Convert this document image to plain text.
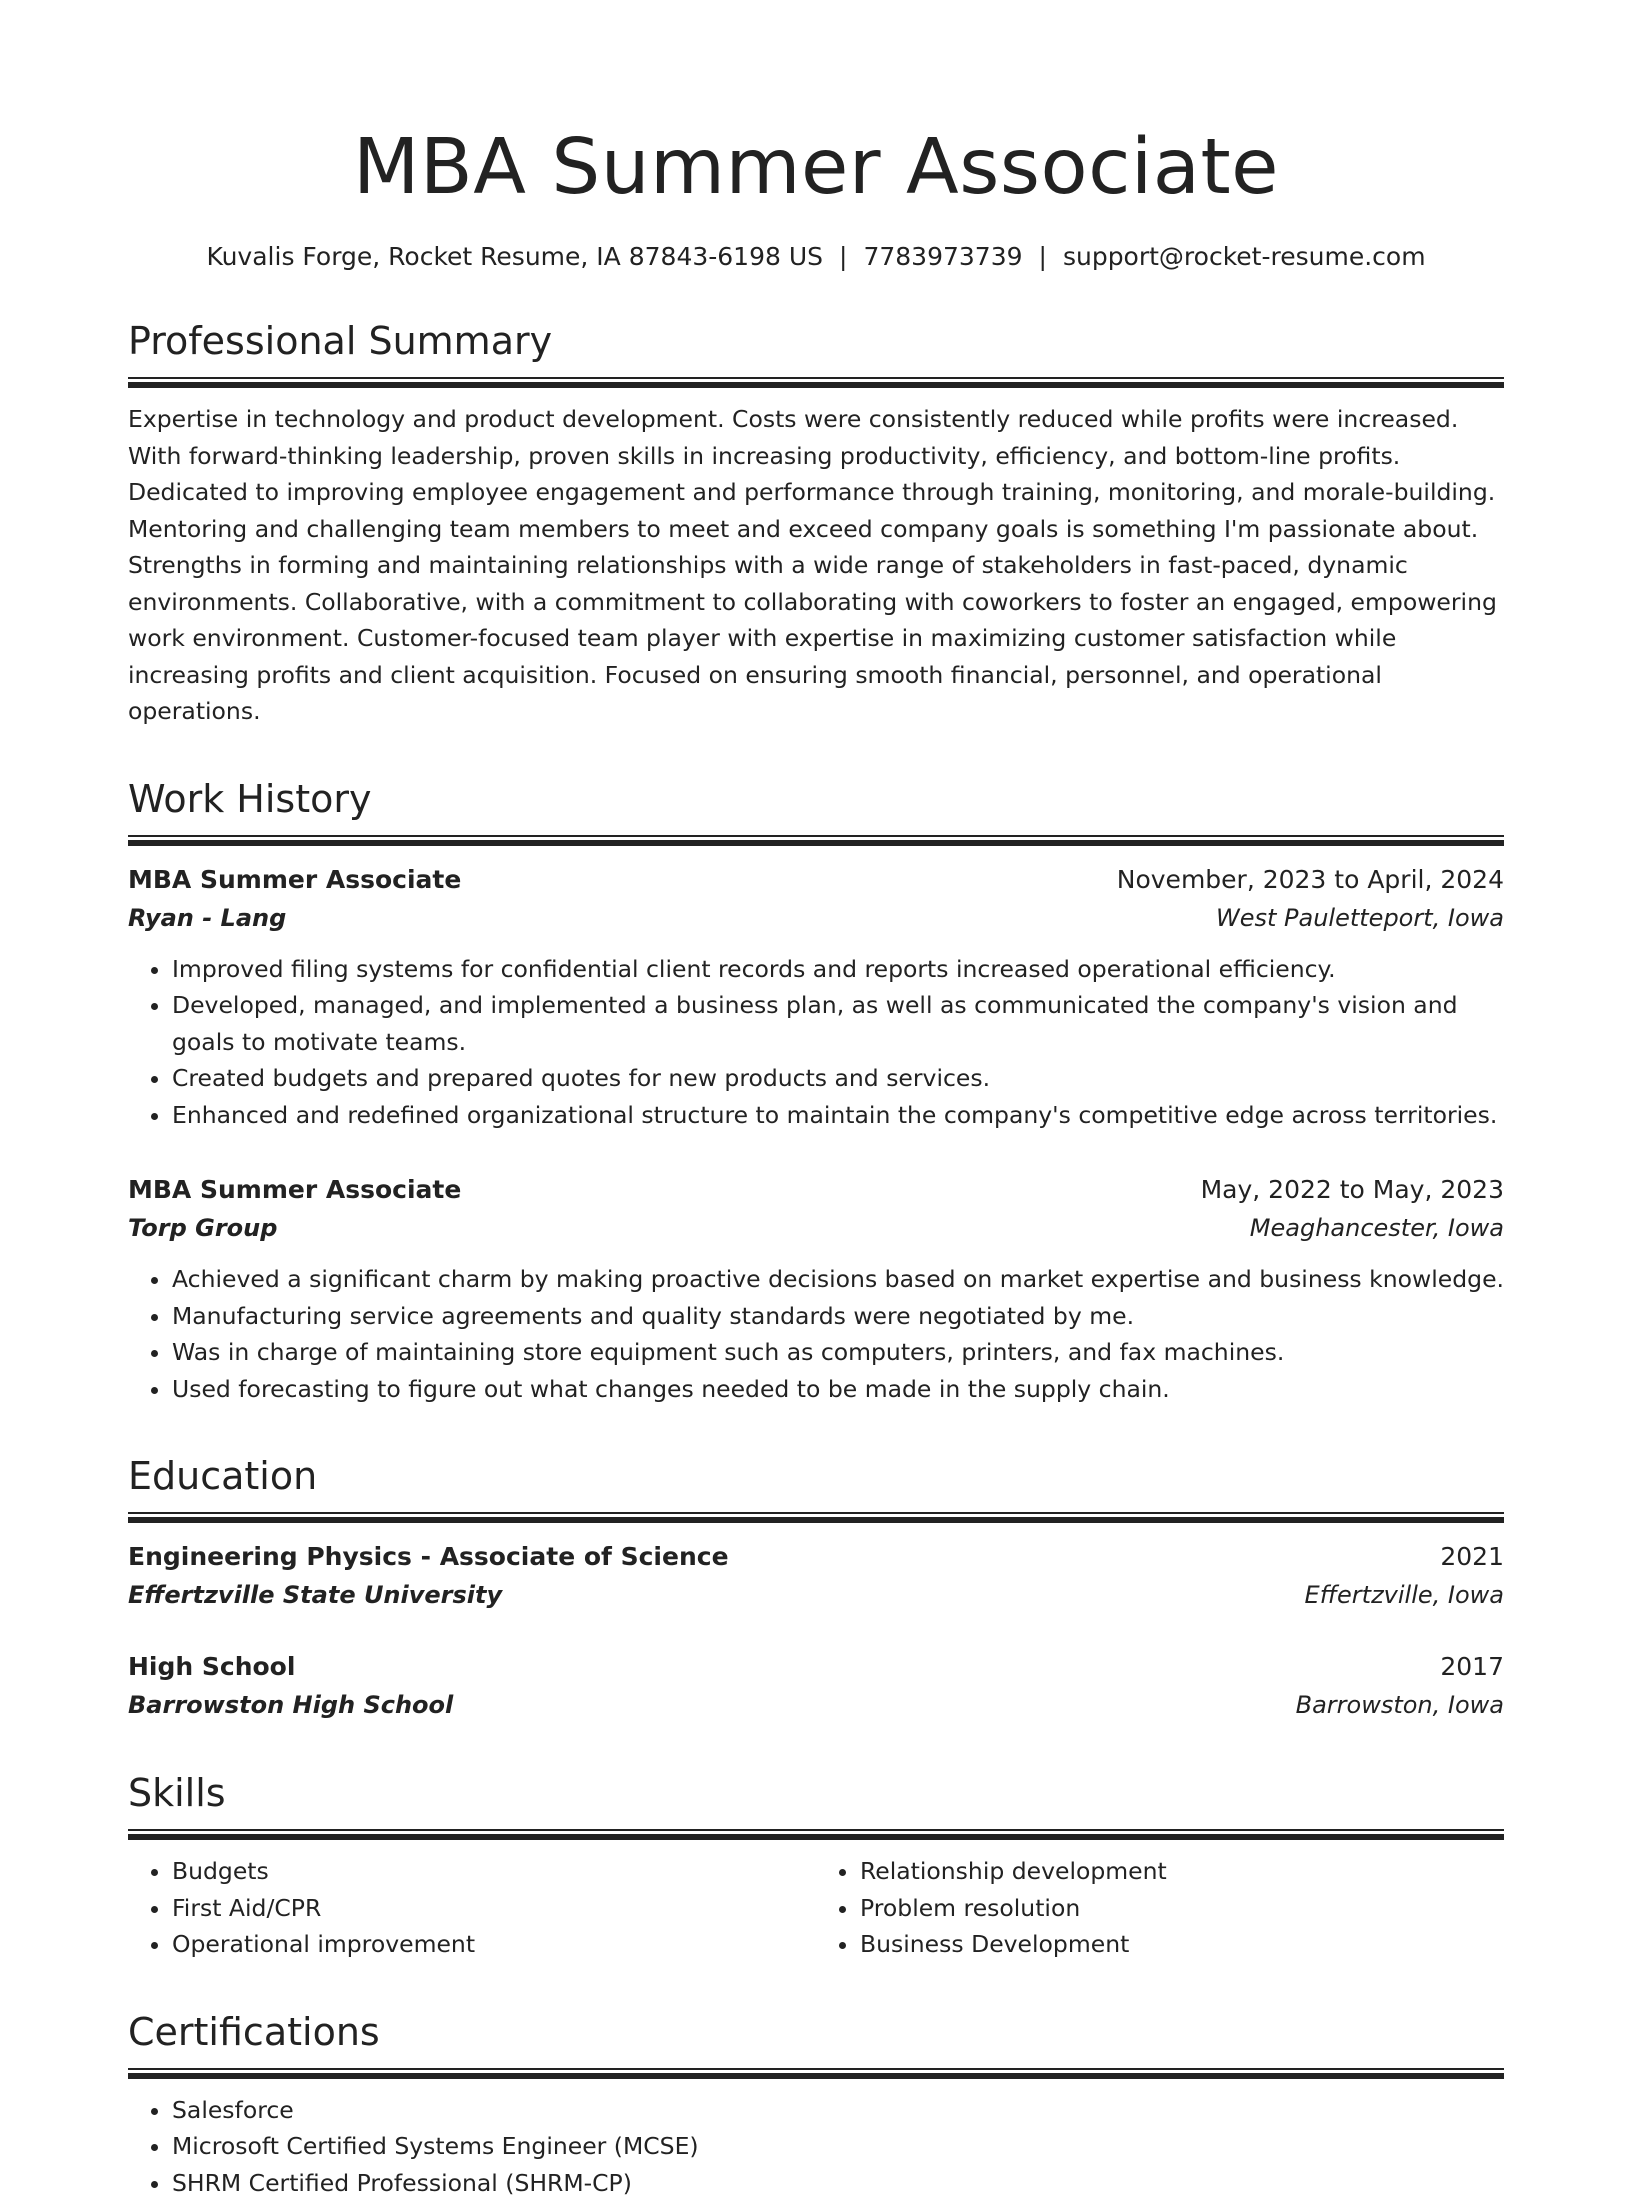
MBA Summer Associate
Kuvalis Forge, Rocket Resume, IA 87843-6198 US | 7783973739 | support@rocket-resume.com
Professional Summary
Expertise in technology and product development. Costs were consistently reduced while profits were increased. With forward-thinking leadership, proven skills in increasing productivity, efficiency, and bottom-line profits. Dedicated to improving employee engagement and performance through training, monitoring, and morale-building. Mentoring and challenging team members to meet and exceed company goals is something I'm passionate about. Strengths in forming and maintaining relationships with a wide range of stakeholders in fast-paced, dynamic environments. Collaborative, with a commitment to collaborating with coworkers to foster an engaged, empowering work environment. Customer-focused team player with expertise in maximizing customer satisfaction while increasing profits and client acquisition. Focused on ensuring smooth financial, personnel, and operational operations.
Work History
MBA Summer Associate	November, 2023 to April, 2024
Ryan - Lang	West Pauletteport, Iowa
• Improved filing systems for confidential client records and reports increased operational efficiency.
• Developed, managed, and implemented a business plan, as well as communicated the company's vision and goals to motivate teams.
• Created budgets and prepared quotes for new products and services.
• Enhanced and redefined organizational structure to maintain the company's competitive edge across territories.
MBA Summer Associate	May, 2022 to May, 2023
Torp Group	Meaghancester, Iowa
• Achieved a significant charm by making proactive decisions based on market expertise and business knowledge.
• Manufacturing service agreements and quality standards were negotiated by me.
• Was in charge of maintaining store equipment such as computers, printers, and fax machines.
• Used forecasting to figure out what changes needed to be made in the supply chain.
Education
Engineering Physics - Associate of Science	2021
Effertzville State University	Effertzville, Iowa
High School	2017
Barrowston High School	Barrowston, Iowa
Skills
• Budgets
• First Aid/CPR
• Operational improvement
• Relationship development
• Problem resolution
• Business Development
Certifications
• Salesforce
• Microsoft Certified Systems Engineer (MCSE)
• SHRM Certified Professional (SHRM-CP)
